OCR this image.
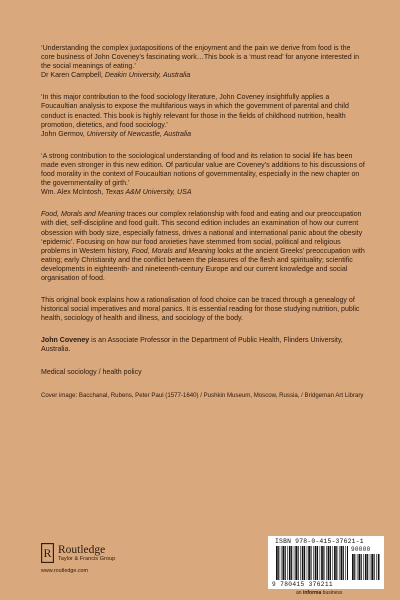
‘Understanding the complex juxtapositions of the enjoyment and the pain we derive from food is the core business of John Coveney’s fascinating work…This book is a ‘must read’ for anyone interested in the social meanings of eating.’
Dr Karen Campbell, Deakin University, Australia
‘In this major contribution to the food sociology literature, John Coveney insightfully applies a Foucaultian analysis to expose the multifarious ways in which the government of parental and child conduct is enacted. This book is highly relevant for those in the fields of childhood nutrition, health promotion, dietetics, and food sociology.’
John Germov, University of Newcastle, Australia
‘A strong contribution to the sociological understanding of food and its relation to social life has been made even stronger in this new edition. Of particular value are Coveney’s additions to his discussions of food morality in the context of Foucaultian notions of governmentality, especially in the new chapter on the governmentality of girth.’
Wm. Alex McIntosh, Texas A&M University, USA
Food, Morals and Meaning traces our complex relationship with food and eating and our preoccupation with diet, self-discipline and food guilt. This second edition includes an examination of how our current obsession with body size, especially fatness, drives a national and international panic about the obesity ‘epidemic’. Focusing on how our food anxieties have stemmed from social, political and religious problems in Western history, Food, Morals and Meaning looks at the ancient Greeks’ preoccupation with eating; early Christianity and the conflict between the pleasures of the flesh and spirituality; scientific developments in eighteenth- and nineteenth-century Europe and our current knowledge and social organisation of food.
This original book explains how a rationalisation of food choice can be traced through a genealogy of historical social imperatives and moral panics. It is essential reading for those studying nutrition, public health, sociology of health and illness, and sociology of the body.
John Coveney is an Associate Professor in the Department of Public Health, Flinders University, Australia.
Medical sociology / health policy
Cover image: Bacchanal, Rubens, Peter Paul (1577-1640) / Pushkin Museum, Moscow, Russia, / Bridgeman Art Library
R Routledge
Taylor & Francis Group
www.routledge.com
ISBN 978-0-415-37621-1
90000
9 780415 376211
an informa business
